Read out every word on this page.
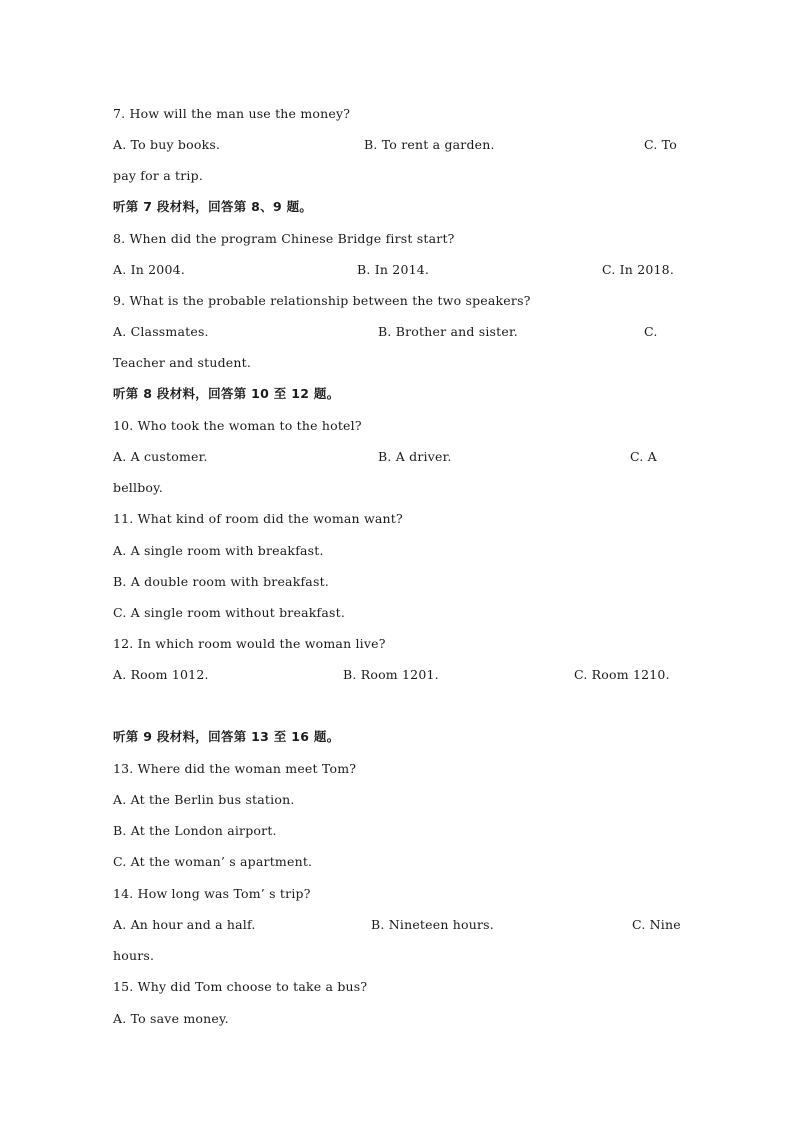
7. How will the man use the money?
A. To buy books.	B. To rent a garden.	C. To
pay for a trip.
听第 7 段材料，回答第 8、9 题。
8. When did the program Chinese Bridge first start?
A. In 2004.	B. In 2014.	C. In 2018.
9. What is the probable relationship between the two speakers?
A. Classmates.	B. Brother and sister.	C.
Teacher and student.
听第 8 段材料，回答第 10 至 12 题。
10. Who took the woman to the hotel?
A. A customer.	B. A driver.	C. A
bellboy.
11. What kind of room did the woman want?
A. A single room with breakfast.
B. A double room with breakfast.
C. A single room without breakfast.
12. In which room would the woman live?
A. Room 1012.	B. Room 1201.	C. Room 1210.
听第 9 段材料，回答第 13 至 16 题。
13. Where did the woman meet Tom?
A. At the Berlin bus station.
B. At the London airport.
C. At the woman’ s apartment.
14. How long was Tom’ s trip?
A. An hour and a half.	B. Nineteen hours.	C. Nine
hours.
15. Why did Tom choose to take a bus?
A. To save money.
